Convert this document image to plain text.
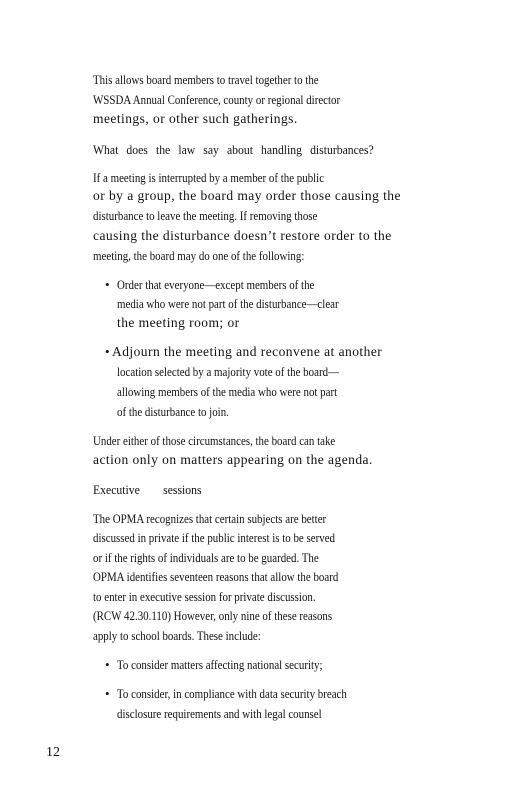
This allows board members to travel together to the
WSSDA Annual Conference, county or regional director
meetings, or other such gatherings.
What does the law say about handling disturbances?
If a meeting is interrupted by a member of the public
or by a group, the board may order those causing the
disturbance to leave the meeting. If removing those
causing the disturbance doesn’t restore order to the
meeting, the board may do one of the following:
• Order that everyone—except members of the
media who were not part of the disturbance—clear
the meeting room; or
• Adjourn the meeting and reconvene at another
location selected by a majority vote of the board—
allowing members of the media who were not part
of the disturbance to join.
Under either of those circumstances, the board can take
action only on matters appearing on the agenda.
Executive sessions
The OPMA recognizes that certain subjects are better
discussed in private if the public interest is to be served
or if the rights of individuals are to be guarded. The
OPMA identifies seventeen reasons that allow the board
to enter in executive session for private discussion.
(RCW 42.30.110) However, only nine of these reasons
apply to school boards. These include:
• To consider matters affecting national security;
• To consider, in compliance with data security breach
disclosure requirements and with legal counsel
12
